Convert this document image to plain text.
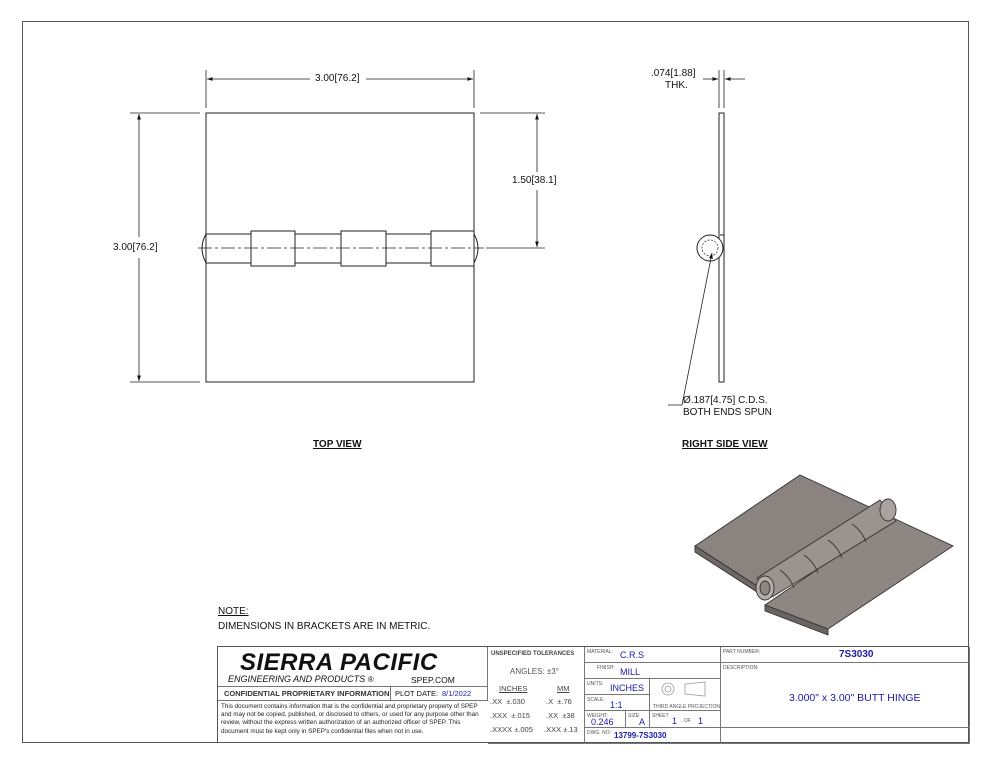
3.00[76.2]
3.00[76.2]
1.50[38.1]
.074[1.88]
THK.
Ø.187[4.75] C.D.S.
BOTH ENDS SPUN
TOP VIEW	RIGHT SIDE VIEW
NOTE:
DIMENSIONS IN BRACKETS ARE IN METRIC.
SIERRA PACIFIC
ENGINEERING AND PRODUCTS ®	SPEP.COM
CONFIDENTIAL PROPRIETARY INFORMATION PLOT DATE: 8/1/2022
This document contains information that is the confidential and proprietary property of SPEP and may not be copied, published, or disclosed to others, or used for any purpose other than review, without the express written authorization of an authorized officer of SPEP. This document must be kept only in SPEP's confidential files when not in use.
UNSPECIFIED TOLERANCES
ANGLES: ±3°
INCHES	MM
.XX ±.030	.X ±.76
.XXX ±.015 .XX ±38
.XXXX ±.005 .XXX ±.13
MATERIAL: C.R.S
FINISH: MILL
UNITS: INCHES
SCALE: 1:1	THIRD ANGLE PROJECTION
WEIGHT:
0.246
SIZE:
A
SHEET 1 OF 1
DWG. NO: 13799-7S3030
PART NUMBER:	7S3030
DESCRIPTION:
3.000" x 3.00" BUTT HINGE
